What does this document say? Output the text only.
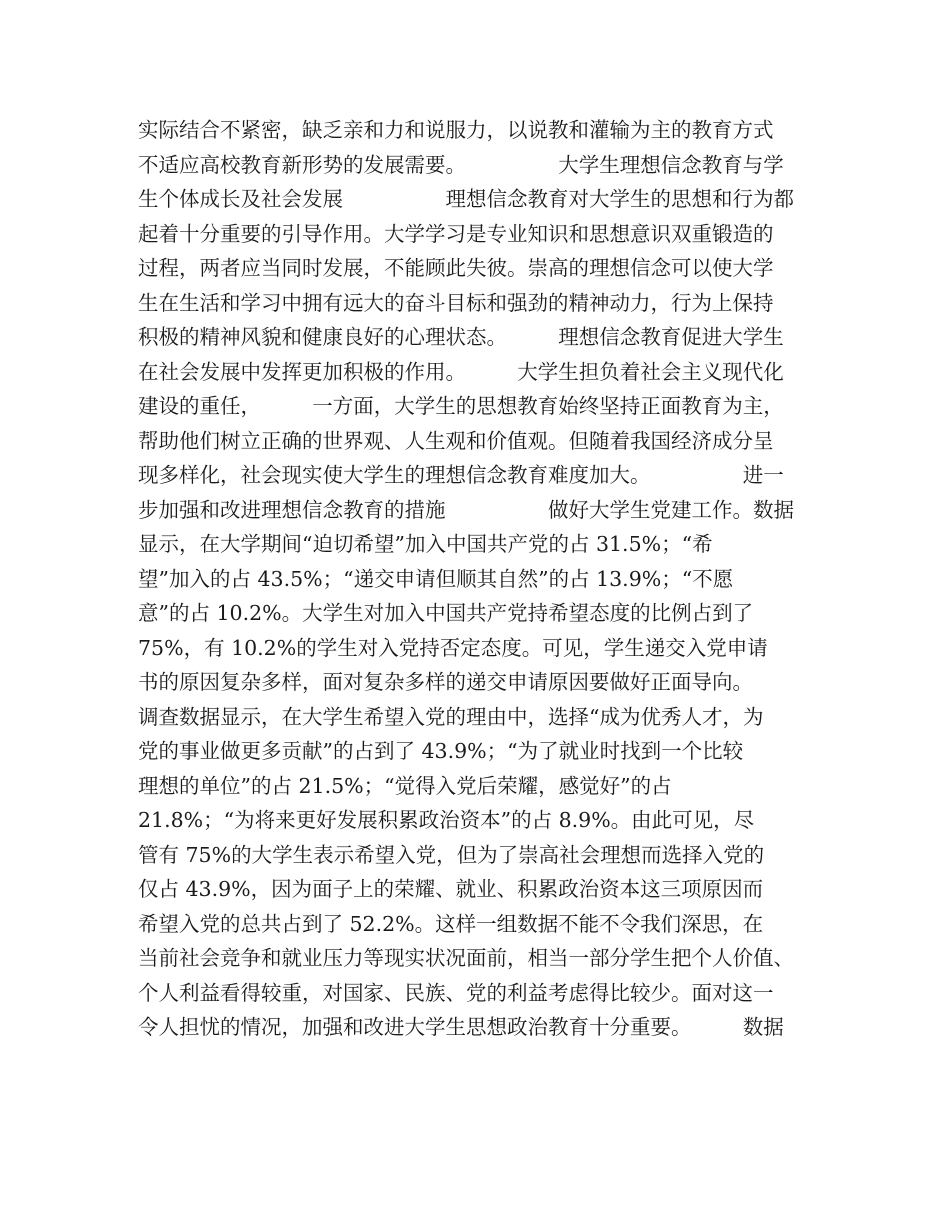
实际结合不紧密，缺乏亲和力和说服力，以说教和灌输为主的教育方式
不适应高校教育新形势的发展需要。　　　　　大学生理想信念教育与学
生个体成长及社会发展　　　　　理想信念教育对大学生的思想和行为都
起着十分重要的引导作用。大学学习是专业知识和思想意识双重锻造的
过程，两者应当同时发展，不能顾此失彼。崇高的理想信念可以使大学
生在生活和学习中拥有远大的奋斗目标和强劲的精神动力，行为上保持
积极的精神风貌和健康良好的心理状态。　　　理想信念教育促进大学生
在社会发展中发挥更加积极的作用。　　　大学生担负着社会主义现代化
建设的重任，　　　一方面，大学生的思想教育始终坚持正面教育为主，
帮助他们树立正确的世界观、人生观和价值观。但随着我国经济成分呈
现多样化，社会现实使大学生的理想信念教育难度加大。　　　　　进一
步加强和改进理想信念教育的措施　　　　　做好大学生党建工作。数据
显示，在大学期间“迫切希望”加入中国共产党的占 31.5%；“希
望”加入的占 43.5%；“递交申请但顺其自然”的占 13.9%；“不愿
意”的占 10.2%。大学生对加入中国共产党持希望态度的比例占到了
75%，有 10.2%的学生对入党持否定态度。可见，学生递交入党申请
书的原因复杂多样，面对复杂多样的递交申请原因要做好正面导向。
调查数据显示，在大学生希望入党的理由中，选择“成为优秀人才，为
党的事业做更多贡献”的占到了 43.9%；“为了就业时找到一个比较
理想的单位”的占 21.5%；“觉得入党后荣耀，感觉好”的占
21.8%；“为将来更好发展积累政治资本”的占 8.9%。由此可见，尽
管有 75%的大学生表示希望入党，但为了崇高社会理想而选择入党的
仅占 43.9%，因为面子上的荣耀、就业、积累政治资本这三项原因而
希望入党的总共占到了 52.2%。这样一组数据不能不令我们深思，在
当前社会竞争和就业压力等现实状况面前，相当一部分学生把个人价值、
个人利益看得较重，对国家、民族、党的利益考虑得比较少。面对这一
令人担忧的情况，加强和改进大学生思想政治教育十分重要。　　　数据
